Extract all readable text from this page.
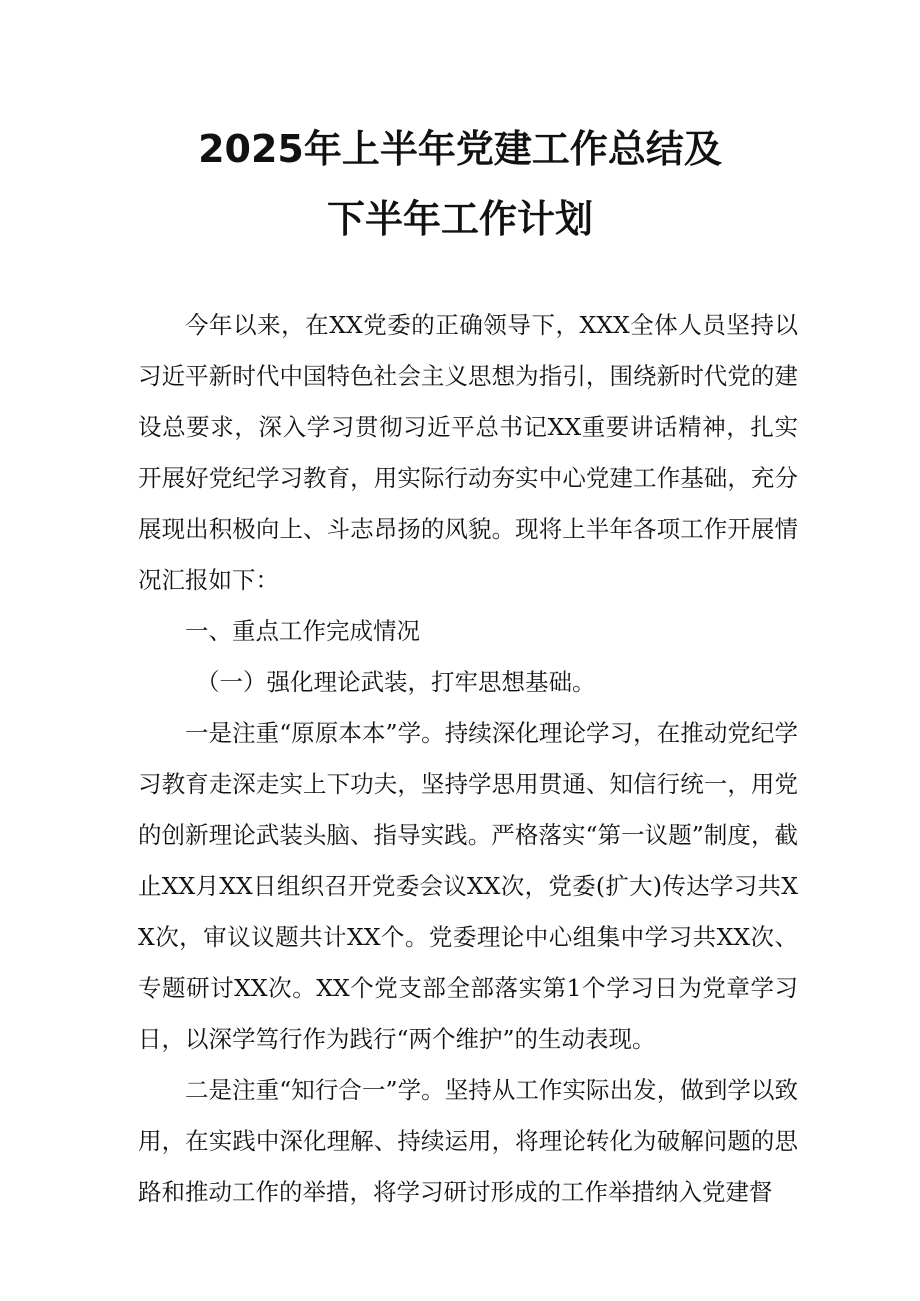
2025年上半年党建工作总结及
下半年工作计划

今年以来，在XX党委的正确领导下，XXX全体人员坚持以习近平新时代中国特色社会主义思想为指引，围绕新时代党的建设总要求，深入学习贯彻习近平总书记XX重要讲话精神，扎实开展好党纪学习教育，用实际行动夯实中心党建工作基础，充分展现出积极向上、斗志昂扬的风貌。现将上半年各项工作开展情况汇报如下：

一、重点工作完成情况

（一）强化理论武装，打牢思想基础。

一是注重“原原本本”学。持续深化理论学习，在推动党纪学习教育走深走实上下功夫，坚持学思用贯通、知信行统一，用党的创新理论武装头脑、指导实践。严格落实“第一议题”制度，截止XX月XX日组织召开党委会议XX次，党委(扩大)传达学习共XX次，审议议题共计XX个。党委理论中心组集中学习共XX次、专题研讨XX次。XX个党支部全部落实第1个学习日为党章学习日，以深学笃行作为践行“两个维护”的生动表现。

二是注重“知行合一”学。坚持从工作实际出发，做到学以致用，在实践中深化理解、持续运用，将理论转化为破解问题的思路和推动工作的举措，将学习研讨形成的工作举措纳入党建督
